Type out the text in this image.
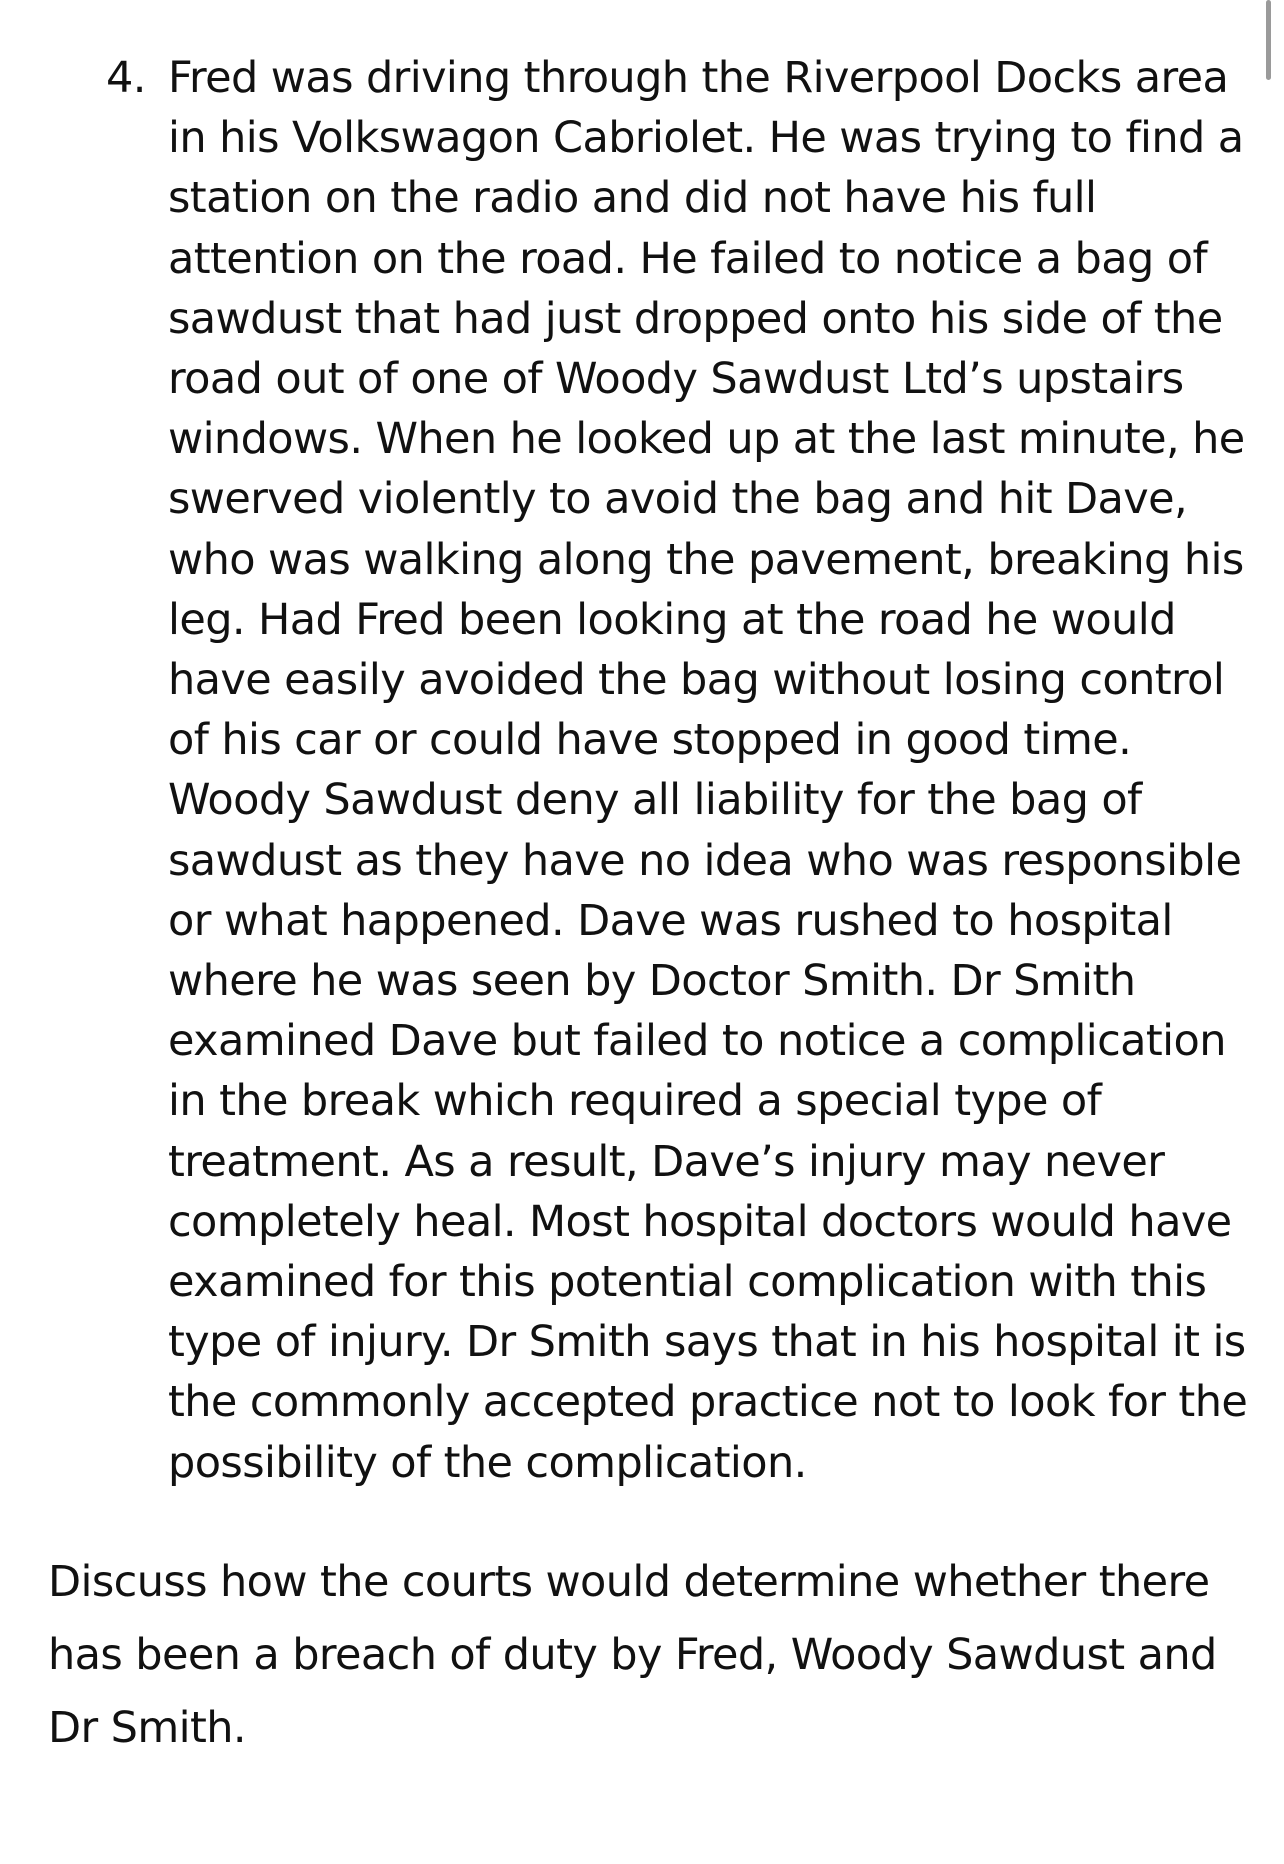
4. Fred was driving through the Riverpool Docks area
in his Volkswagon Cabriolet. He was trying to find a
station on the radio and did not have his full
attention on the road. He failed to notice a bag of
sawdust that had just dropped onto his side of the
road out of one of Woody Sawdust Ltd’s upstairs
windows. When he looked up at the last minute, he
swerved violently to avoid the bag and hit Dave,
who was walking along the pavement, breaking his
leg. Had Fred been looking at the road he would
have easily avoided the bag without losing control
of his car or could have stopped in good time.
Woody Sawdust deny all liability for the bag of
sawdust as they have no idea who was responsible
or what happened. Dave was rushed to hospital
where he was seen by Doctor Smith. Dr Smith
examined Dave but failed to notice a complication
in the break which required a special type of
treatment. As a result, Dave’s injury may never
completely heal. Most hospital doctors would have
examined for this potential complication with this
type of injury. Dr Smith says that in his hospital it is
the commonly accepted practice not to look for the
possibility of the complication.
Discuss how the courts would determine whether there
has been a breach of duty by Fred, Woody Sawdust and
Dr Smith.
